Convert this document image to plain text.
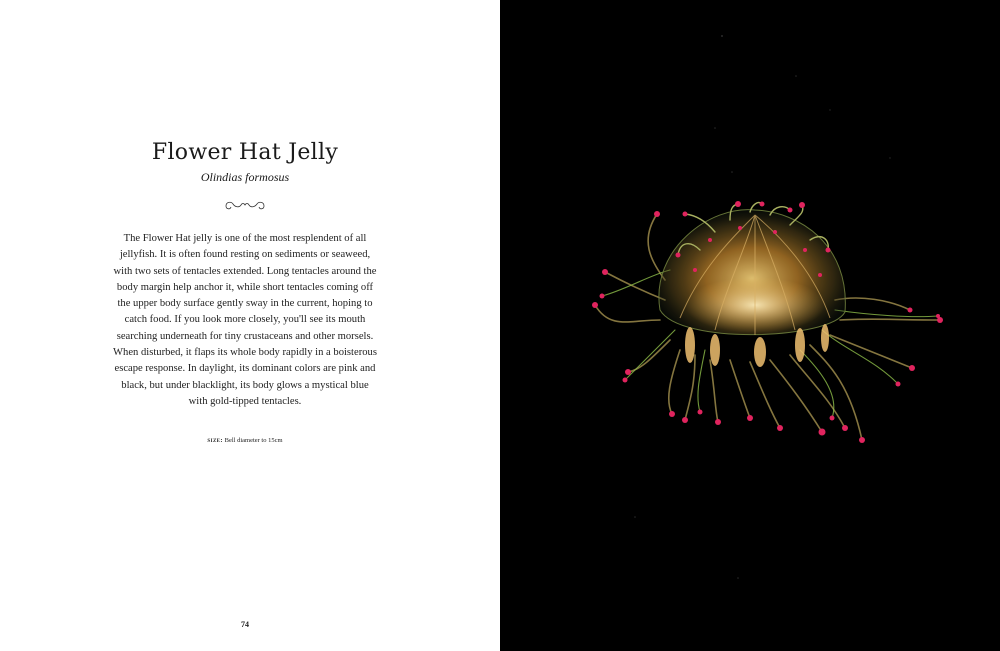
Flower Hat Jelly
Olindias formosus

The Flower Hat jelly is one of the most resplendent of all jellyfish. It is often found resting on sediments or seaweed, with two sets of tentacles extended. Long tentacles around the body margin help anchor it, while short tentacles coming off the upper body surface gently sway in the current, hoping to catch food. If you look more closely, you'll see its mouth searching underneath for tiny crustaceans and other morsels. When disturbed, it flaps its whole body rapidly in a boisterous escape response. In daylight, its dominant colors are pink and black, but under blacklight, its body glows a mystical blue with gold-tipped tentacles.

size: Bell diameter to 15cm
74
